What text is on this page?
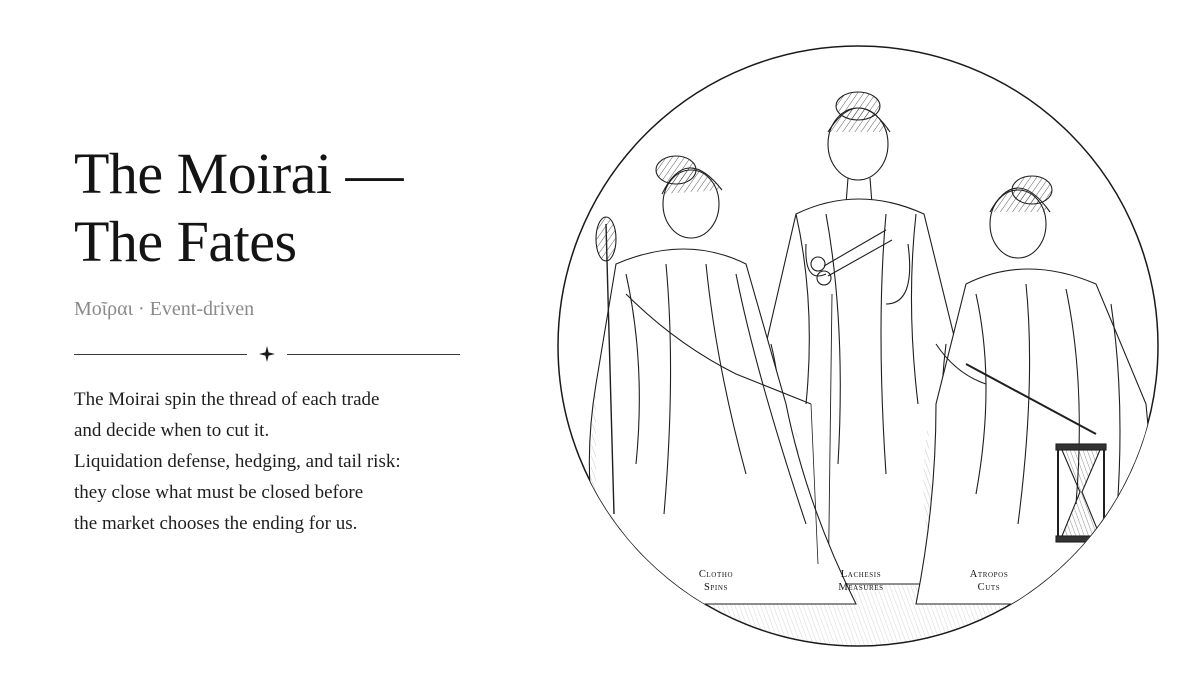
The Moirai —
The Fates
Μοῖραι · Event-driven
The Moirai spin the thread of each trade
and decide when to cut it.
Liquidation defense, hedging, and tail risk:
they close what must be closed before
the market chooses the ending for us.
Clotho
Spins
Lachesis
Measures
Atropos
Cuts
